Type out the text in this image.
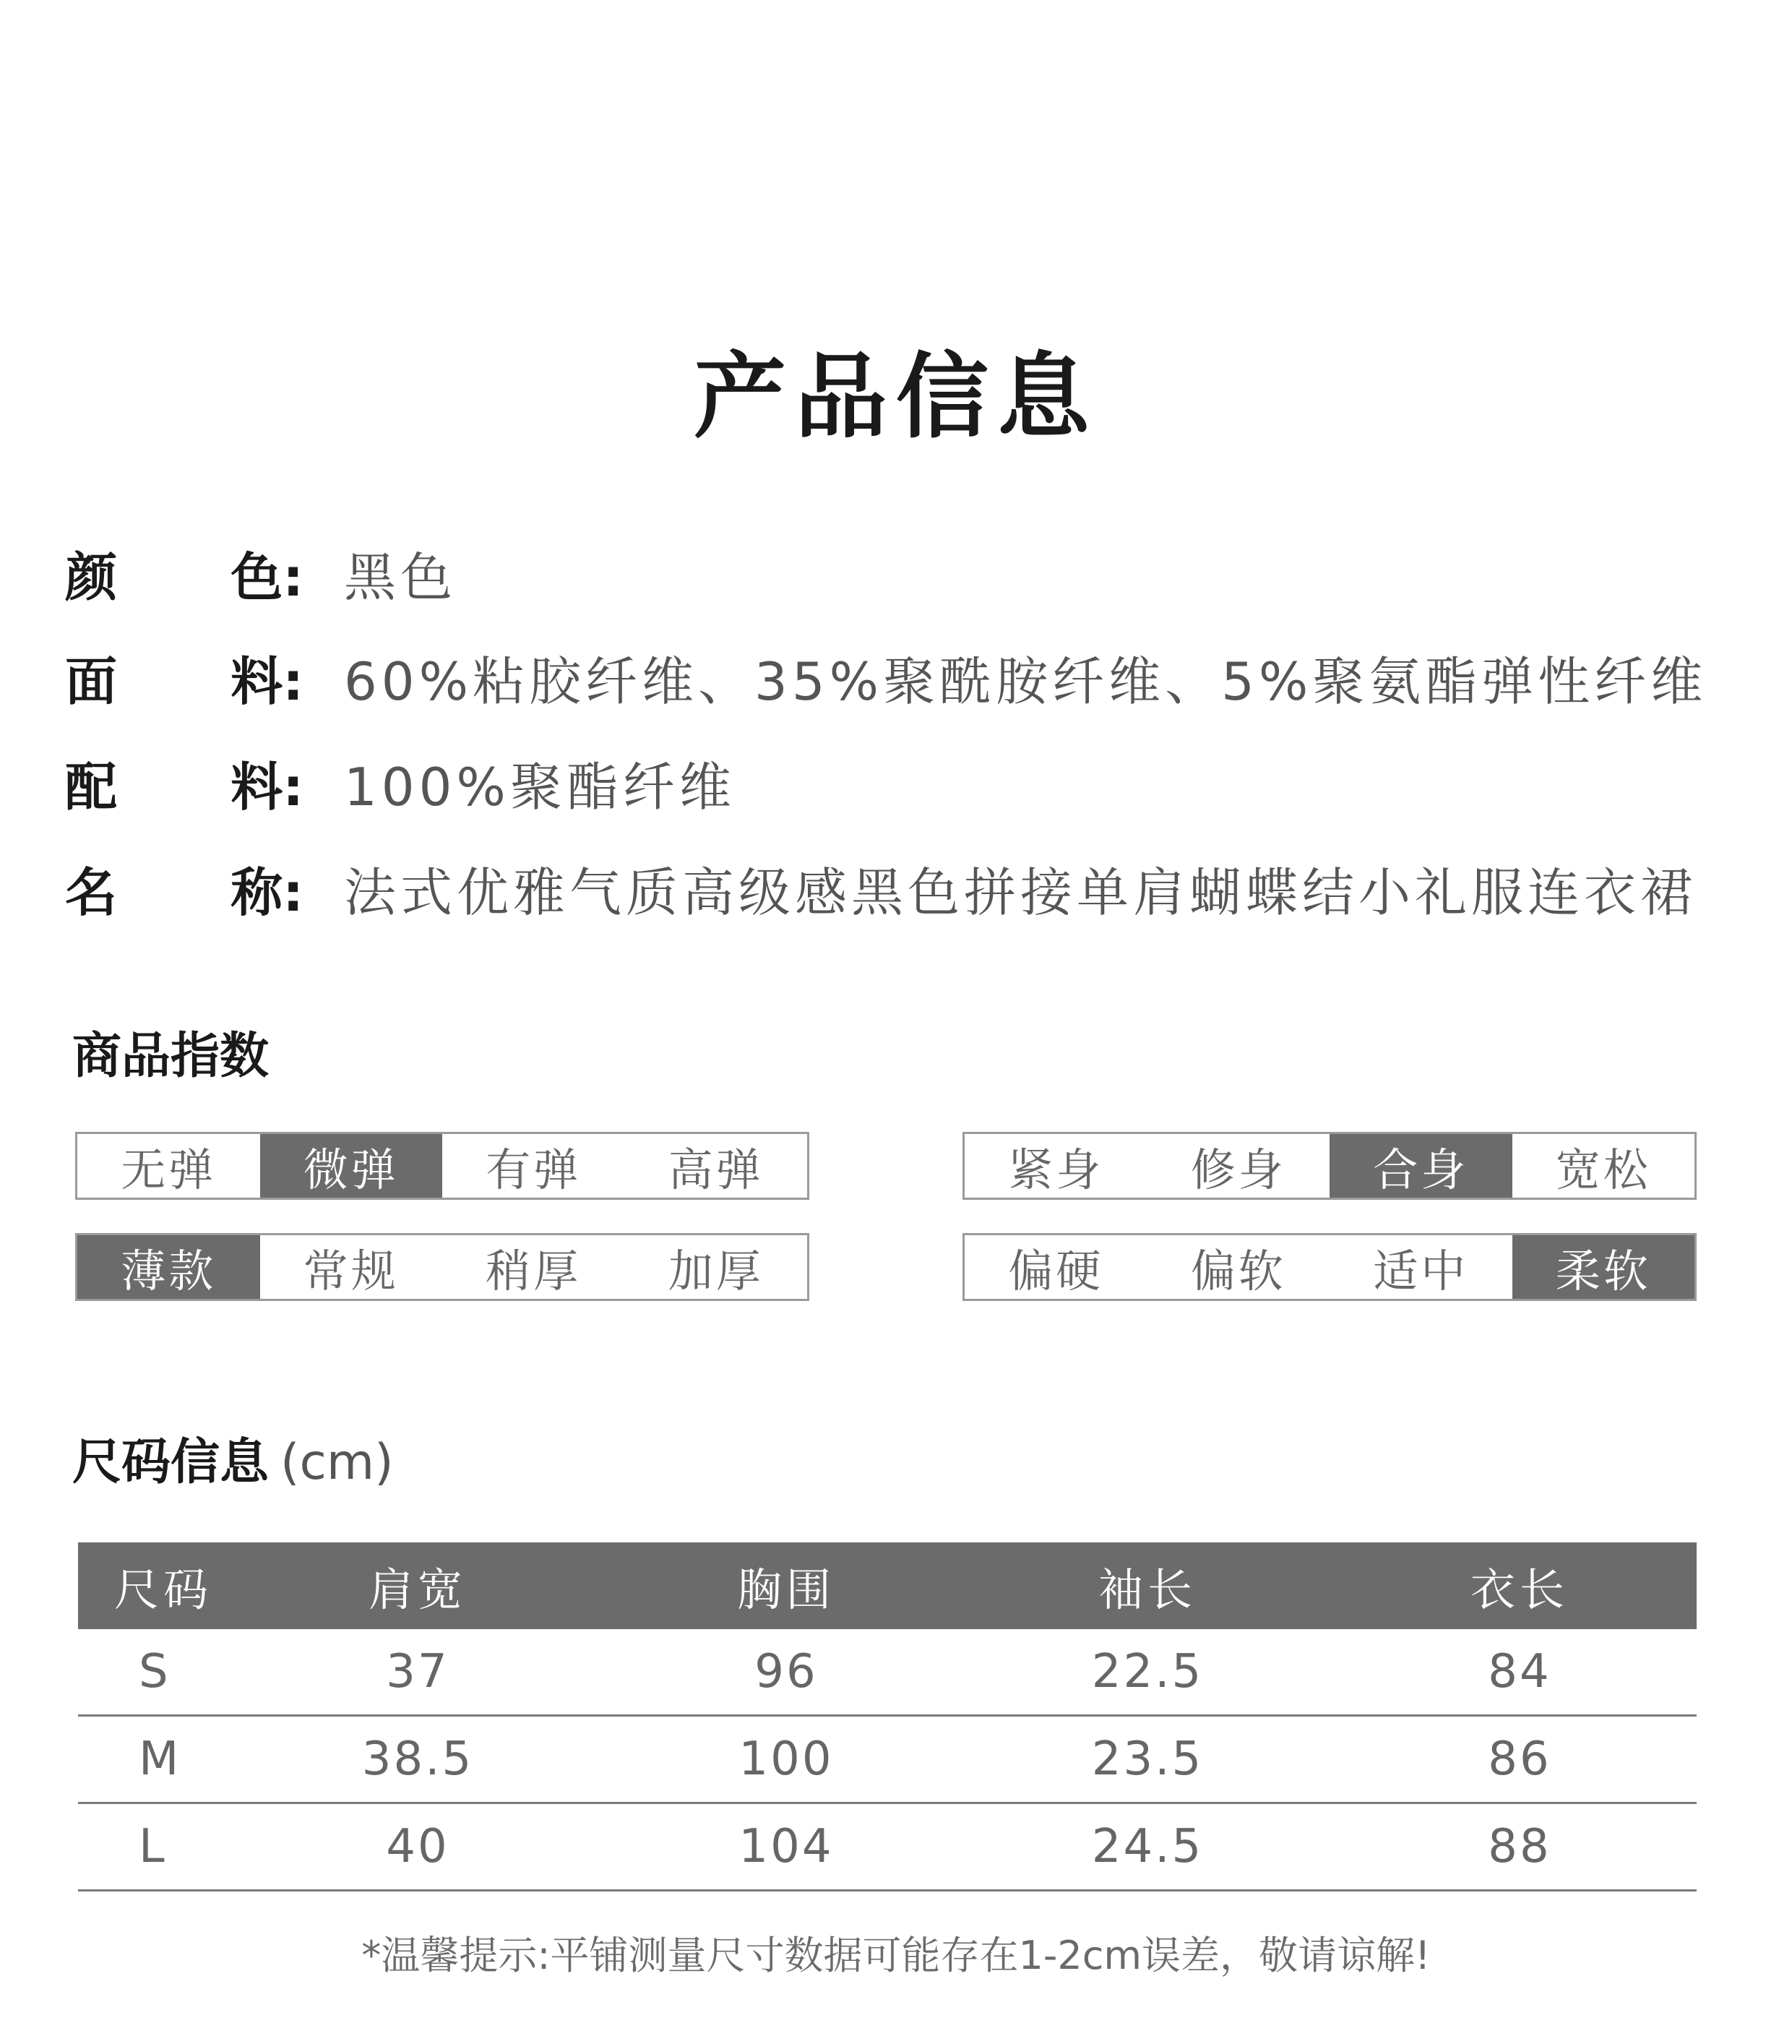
产品信息
颜 色: 黑色
面 料: 60%粘胶纤维、35%聚酰胺纤维、5%聚氨酯弹性纤维
配 料: 100%聚酯纤维
名 称: 法式优雅气质高级感黑色拼接单肩蝴蝶结小礼服连衣裙
商品指数
无弹	微弹	有弹	高弹	紧身	修身	合身	宽松
薄款	常规	稍厚	加厚	偏硬	偏软	适中	柔软
尺码信息 (cm)
尺码	肩宽	胸围	袖长	衣长
S	37	96	22.5	84
M	38.5	100	23.5	86
L	40	104	24.5	88
*温馨提示:平铺测量尺寸数据可能存在1-2cm误差，敬请谅解!
